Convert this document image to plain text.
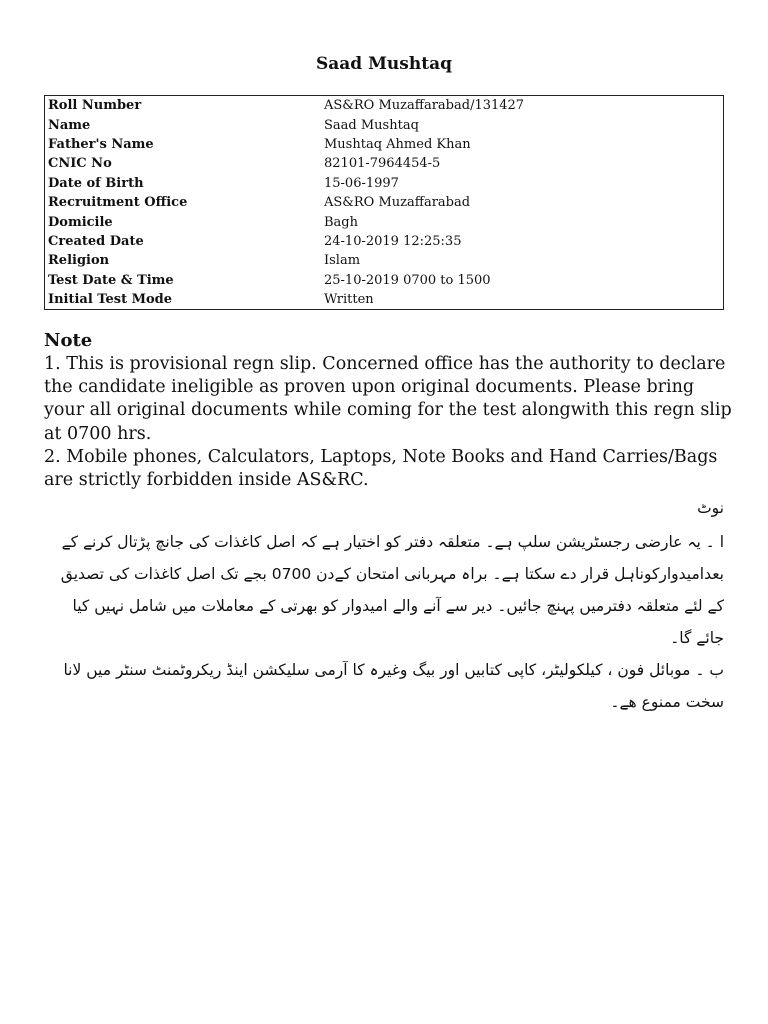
Saad Mushtaq
Roll Number	AS&RO Muzaffarabad/131427
Name	Saad Mushtaq
Father's Name	Mushtaq Ahmed Khan
CNIC No	82101-7964454-5
Date of Birth	15-06-1997
Recruitment Office	AS&RO Muzaffarabad
Domicile	Bagh
Created Date	24-10-2019 12:25:35
Religion	Islam
Test Date & Time	25-10-2019 0700 to 1500
Initial Test Mode	Written
Note

1. This is provisional regn slip. Concerned office has the authority to declare the candidate ineligible as proven upon original documents. Please bring your all original documents while coming for the test alongwith this regn slip at 0700 hrs.

2. Mobile phones, Calculators, Laptops, Note Books and Hand Carries/Bags are strictly forbidden inside AS&RC.

نوٹ

ا ۔ یہ عارضی رجسٹریشن سلپ ہے۔ متعلقہ دفتر کو اختیار ہے کہ اصل کاغذات کی جانچ پڑتال کرنے کے بعدامیدوارکوناہل قرار دے سکتا ہے۔ براہ مہربانی امتحان کےدن 0700 بجے تک اصل کاغذات کی تصدیق کے لئے متعلقہ دفترمیں پہنچ جائیں۔ دیر سے آنے والے امیدوار کو بھرتی کے معاملات میں شامل نہیں کیا جائے گا۔

ب ۔ موبائل فون ، کیلکولیٹر، کاپی کتابیں اور بیگ وغیرہ کا آرمی سلیکشن اینڈ ریکروٹمنٹ سنٹر میں لانا سخت ممنوع ھے۔
